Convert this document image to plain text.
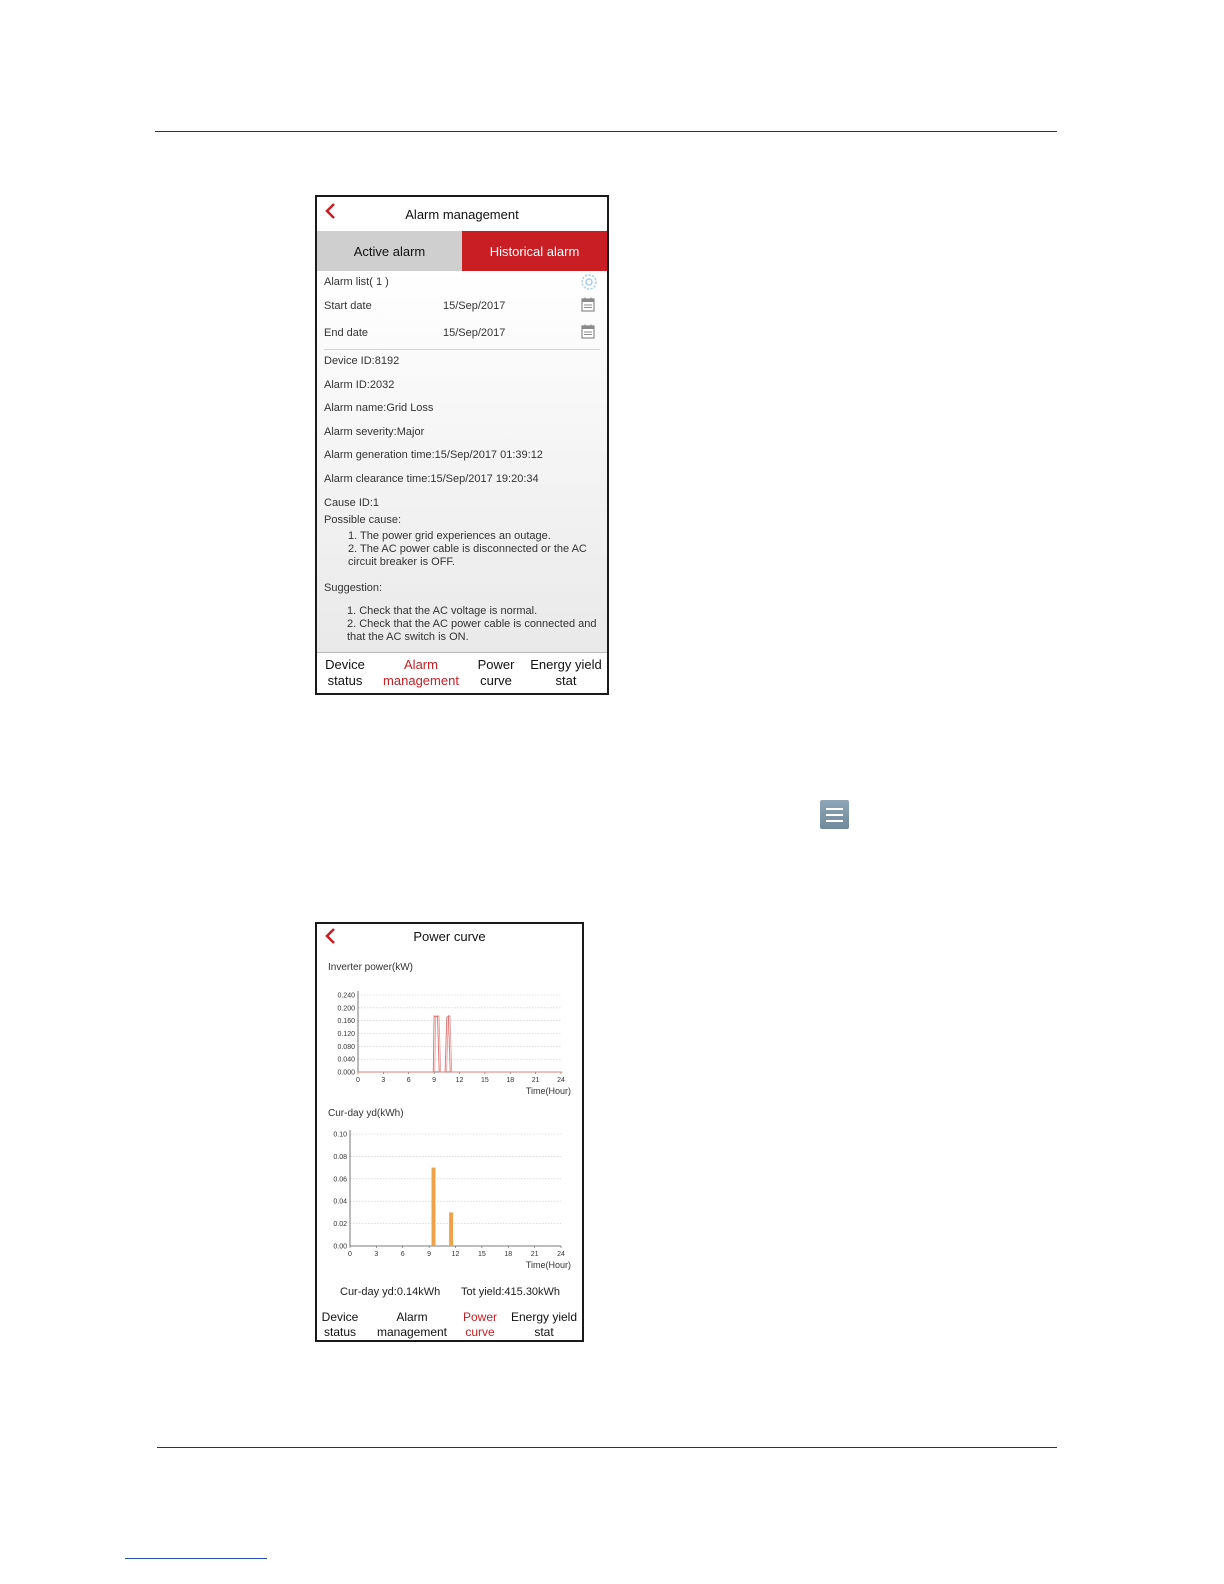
Alarm management
Active alarm	Historical alarm
Alarm list( 1 )
Start date	15/Sep/2017
End date	15/Sep/2017
Device ID:8192
Alarm ID:2032
Alarm name:Grid Loss
Alarm severity:Major
Alarm generation time:15/Sep/2017 01:39:12
Alarm clearance time:15/Sep/2017 19:20:34
Cause ID:1
Possible cause:
1. The power grid experiences an outage.
2. The AC power cable is disconnected or the AC circuit breaker is OFF.
Suggestion:
1. Check that the AC voltage is normal.
2. Check that the AC power cable is connected and that the AC switch is ON.
Device
status
Alarm
management
Power
curve
Energy yield
stat
Power curve
Inverter power(kW)
Cur-day yd(kWh)
0.000
0.040
0.080
0.120
0.160
0.200
0.240
0	3	6	9	12	15	18	21	24
Time(Hour)
0.00
0.02
0.04
0.06
0.08
0.10
0	3	6	9	12	15	18	21	24
Time(Hour)
Cur-day yd:0.14kWh Tot yield:415.30kWh
Device
status
Alarm
management
Power
curve
Energy yield
stat
